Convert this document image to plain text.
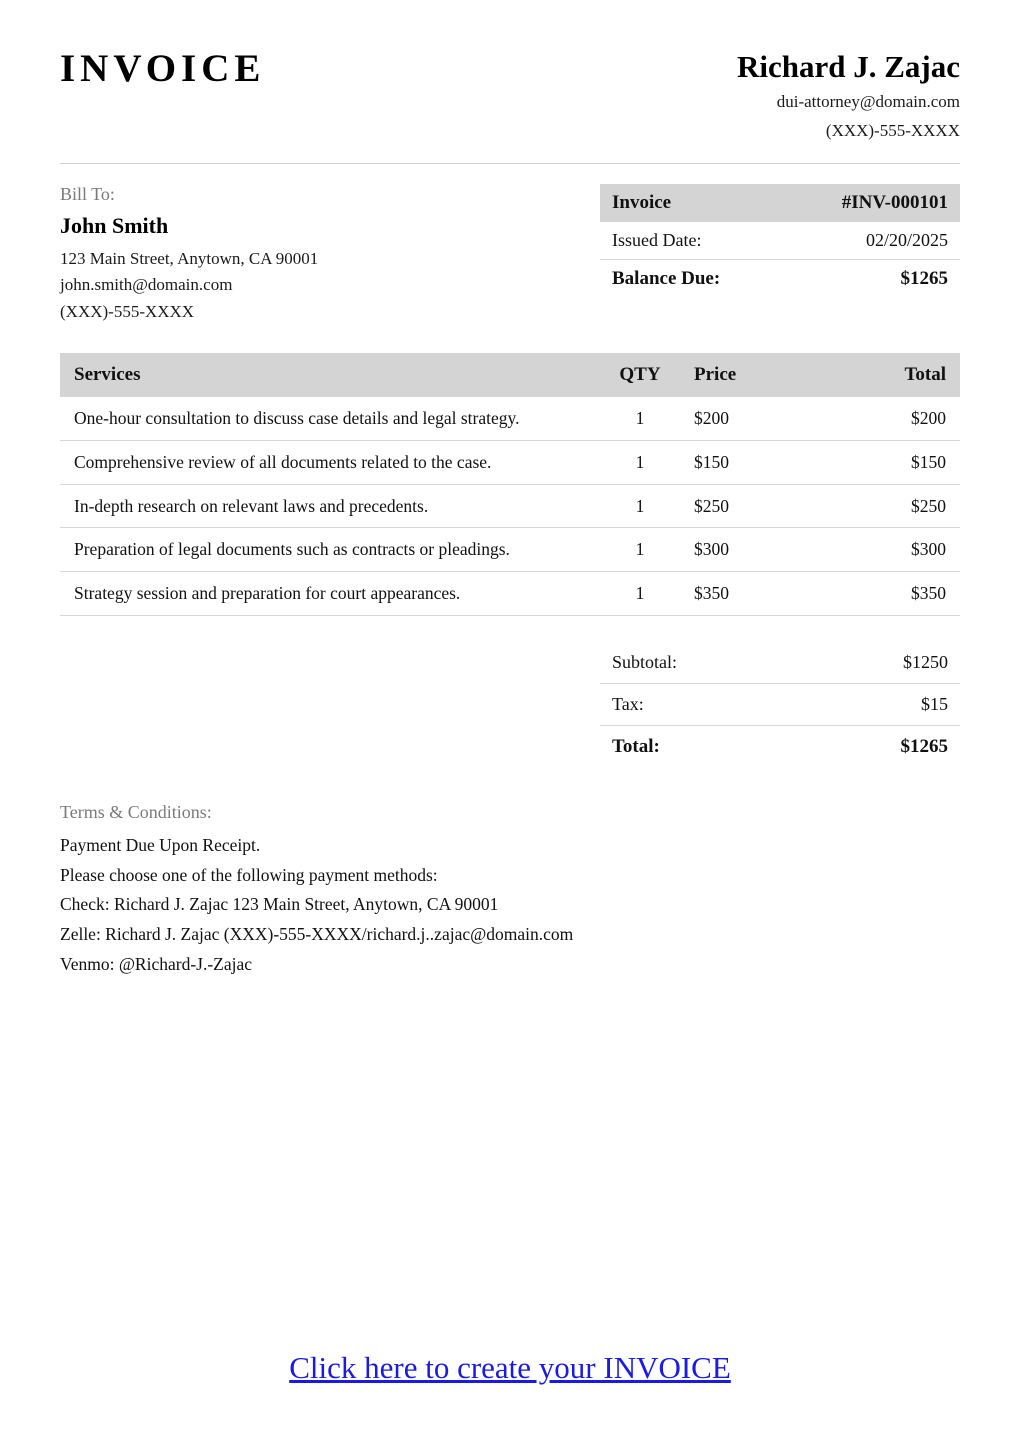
INVOICE	Richard J. Zajac
dui-attorney@domain.com
(XXX)-555-XXXX
Bill To:
John Smith
123 Main Street, Anytown, CA 90001
john.smith@domain.com
(XXX)-555-XXXX
Invoice	#INV-000101
Issued Date:	02/20/2025
Balance Due:	$1265
Services	QTY	Price	Total
One-hour consultation to discuss case details and legal strategy.	1	$200	$200
Comprehensive review of all documents related to the case.	1	$150	$150
In-depth research on relevant laws and precedents.	1	$250	$250
Preparation of legal documents such as contracts or pleadings.	1	$300	$300
Strategy session and preparation for court appearances.	1	$350	$350
Subtotal:	$1250
Tax:	$15
Total:	$1265
Terms & Conditions:
Payment Due Upon Receipt.
Please choose one of the following payment methods:
Check: Richard J. Zajac 123 Main Street, Anytown, CA 90001
Zelle: Richard J. Zajac (XXX)-555-XXXX/richard.j..zajac@domain.com
Venmo: @Richard-J.-Zajac
Click here to create your INVOICE
